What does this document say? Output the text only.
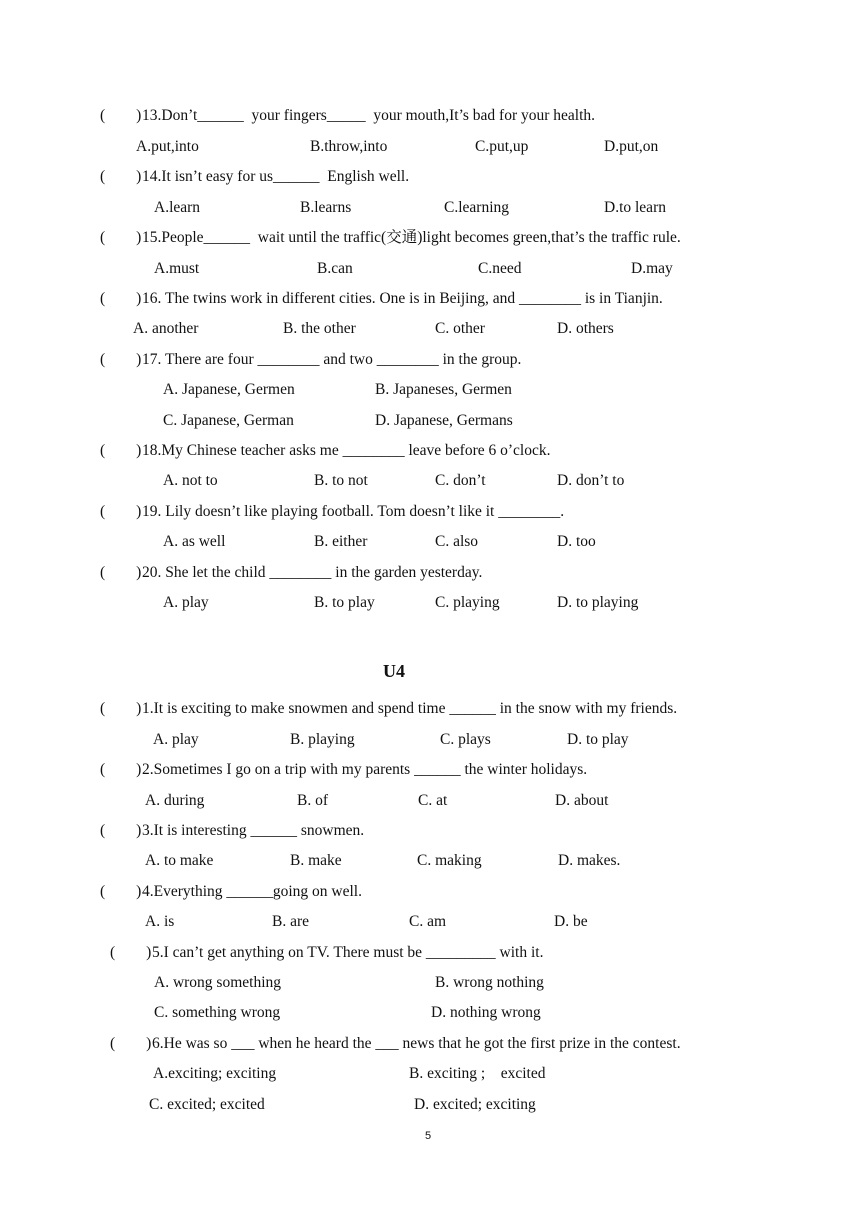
(        ) 13.Don’t______  your fingers_____  your mouth,It’s bad for your health.
A.put,into	B.throw,into	C.put,up	D.put,on
(        ) 14.It isn’t easy for us______  English well.
A.learn	B.learns	C.learning	D.to learn
(        ) 15.People______  wait until the traffic(交通)light becomes green,that’s the traffic rule.
A.must	B.can	C.need	D.may
(        ) 16. The twins work in different cities. One is in Beijing, and ________ is in Tianjin.
A. another	B. the other	C. other	D. others
(        ) 17. There are four ________ and two ________ in the group.
A. Japanese, Germen	B. Japaneses, Germen
C. Japanese, German	D. Japanese, Germans
(        ) 18.My Chinese teacher asks me ________ leave before 6 o’clock.
A. not to	B. to not	C. don’t	D. don’t to
(        ) 19. Lily doesn’t like playing football. Tom doesn’t like it ________.
A. as well	B. either	C. also	D. too
(        ) 20. She let the child ________ in the garden yesterday.
A. play	B. to play	C. playing	D. to playing
U4
(        ) 1.It is exciting to make snowmen and spend time ______ in the snow with my friends.
A. play	B. playing	C. plays	D. to play
(        ) 2.Sometimes I go on a trip with my parents ______ the winter holidays.
A. during	B. of	C. at	D. about
(        ) 3.It is interesting ______ snowmen.
A. to make	B. make	C. making	D. makes.
(        ) 4.Everything ______going on well.
A. is	B. are	C. am	D. be
(        ) 5.I can’t get anything on TV. There must be _________ with it.
A. wrong something	B. wrong nothing
C. something wrong	D. nothing wrong
(        ) 6.He was so ___ when he heard the ___ news that he got the first prize in the contest.
A.exciting; exciting	B. exciting ;    excited
C. excited; excited	D. excited; exciting
5
